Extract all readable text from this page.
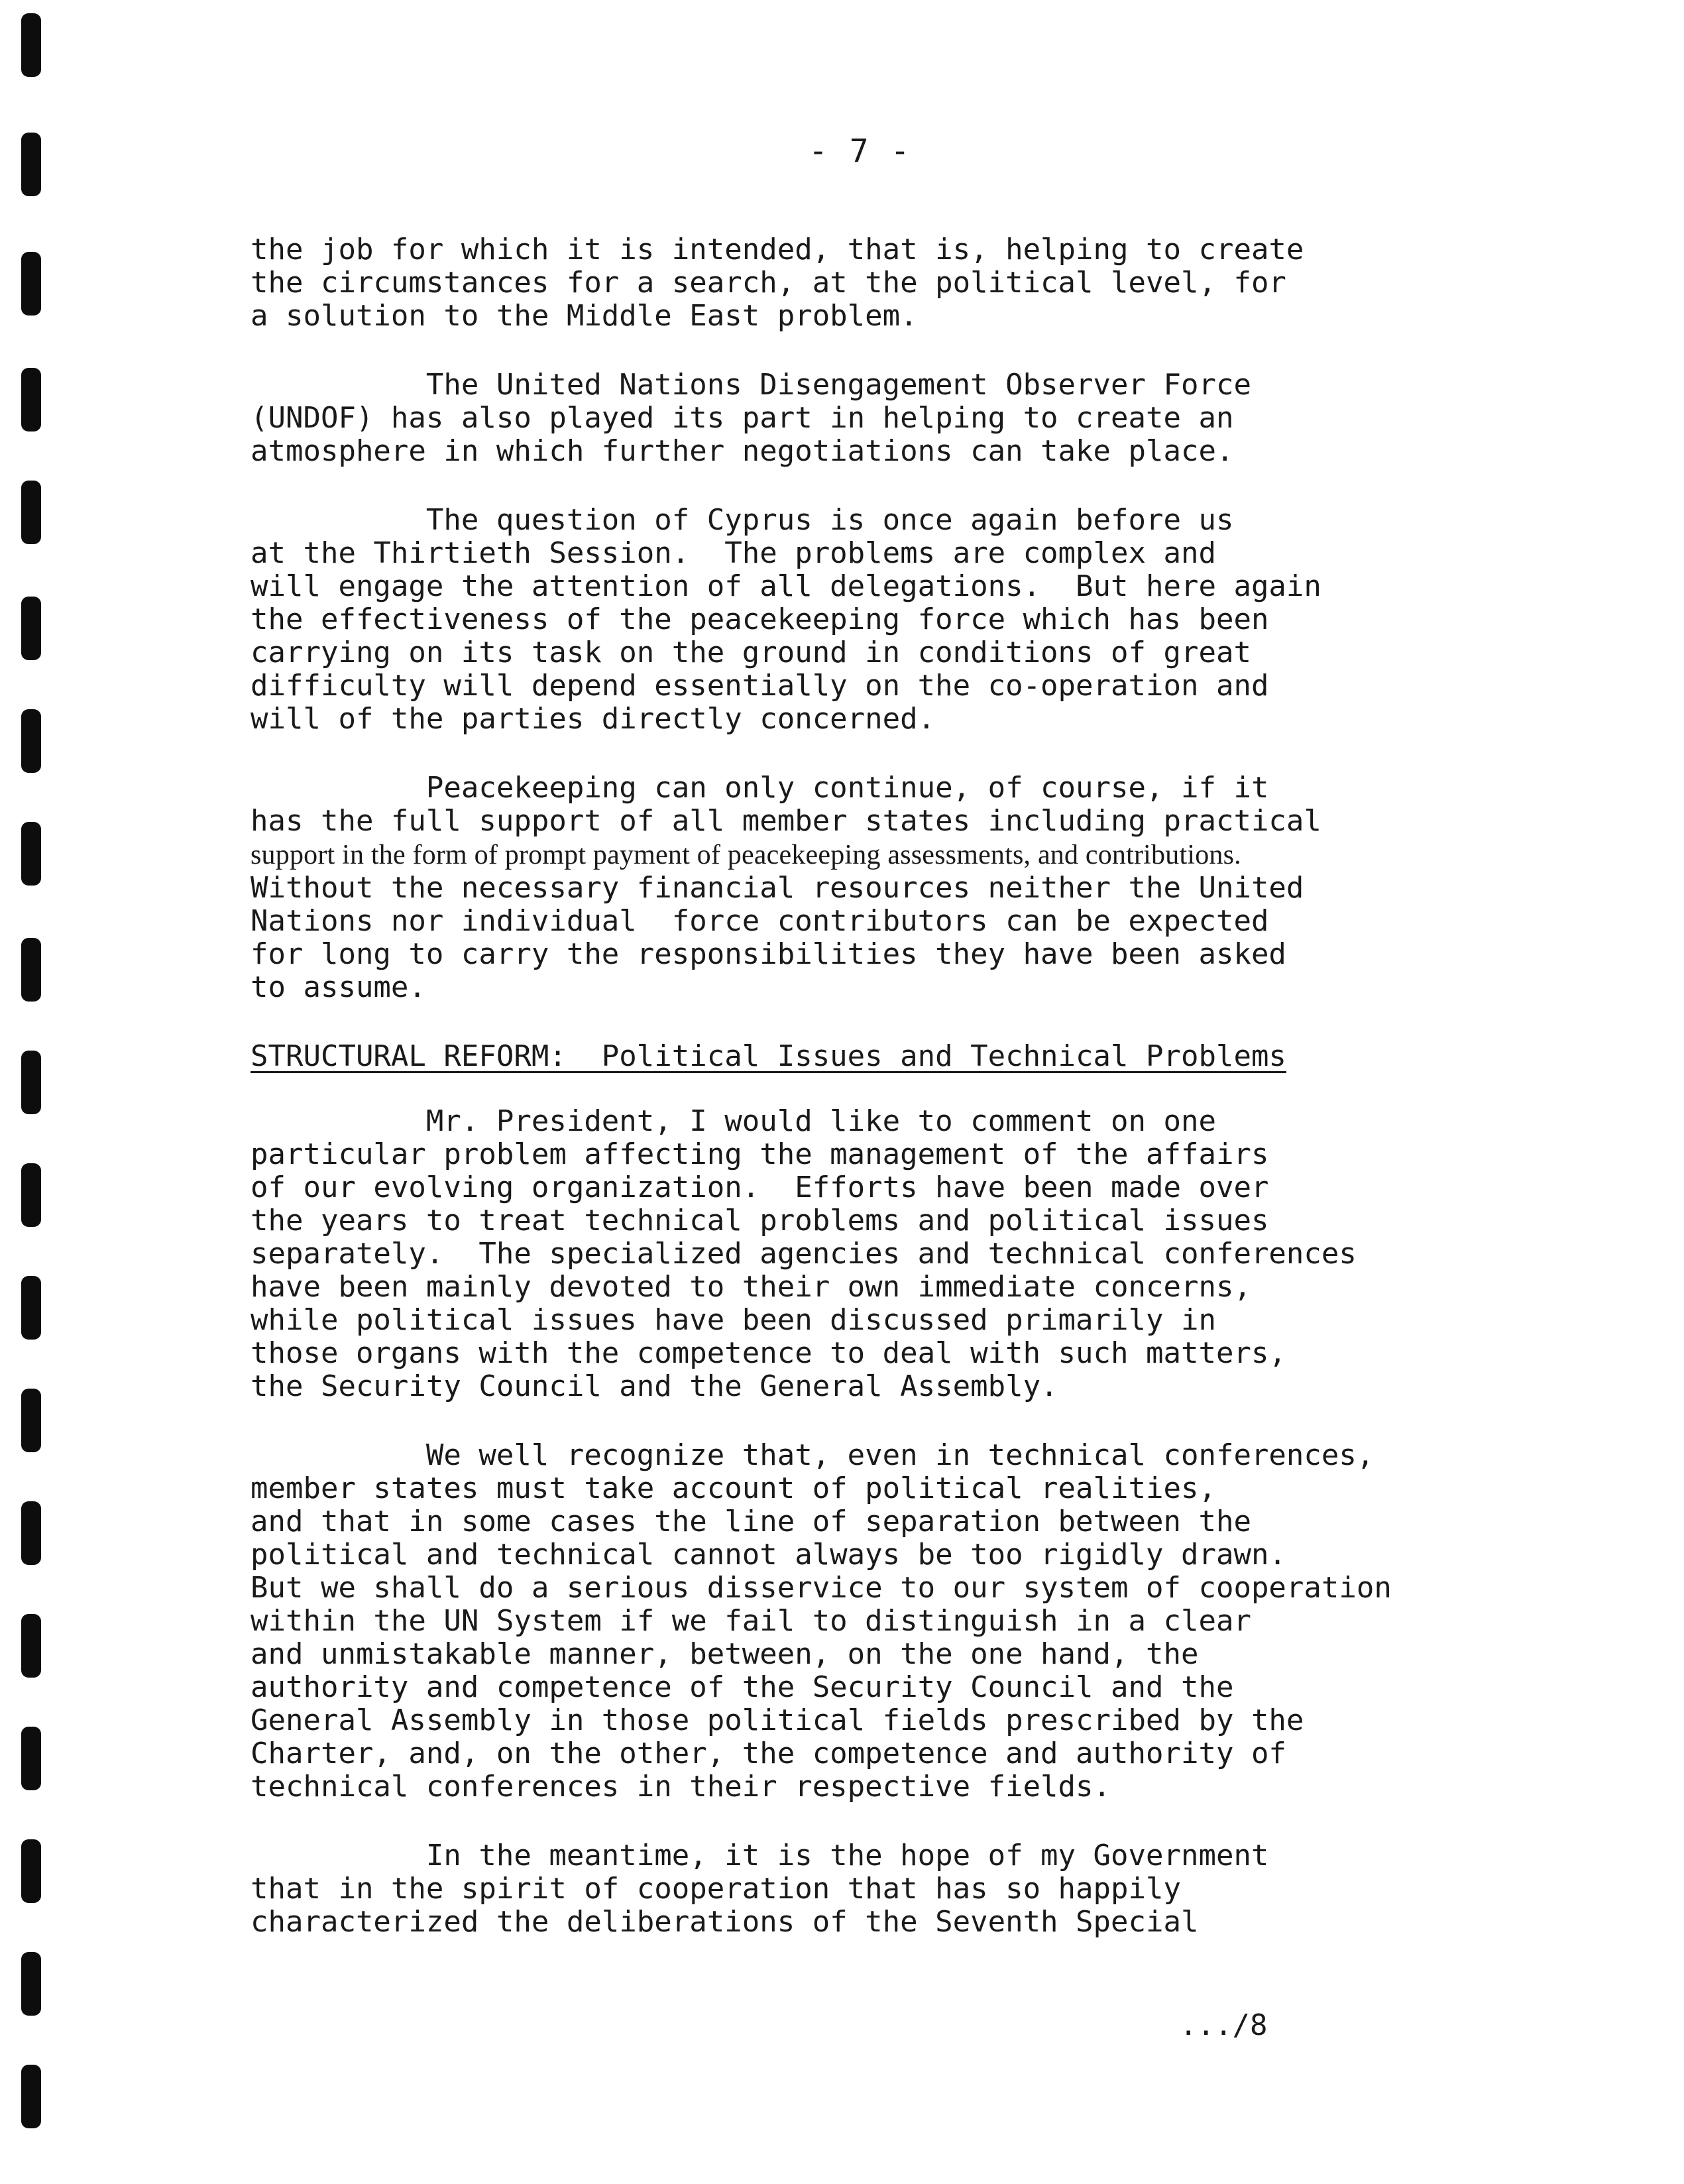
- 7 -
the job for which it is intended, that is, helping to create
the circumstances for a search, at the political level, for
a solution to the Middle East problem.
The United Nations Disengagement Observer Force
(UNDOF) has also played its part in helping to create an
atmosphere in which further negotiations can take place.
The question of Cyprus is once again before us
at the Thirtieth Session.  The problems are complex and
will engage the attention of all delegations.  But here again
the effectiveness of the peacekeeping force which has been
carrying on its task on the ground in conditions of great
difficulty will depend essentially on the co-operation and
will of the parties directly concerned.
Peacekeeping can only continue, of course, if it
has the full support of all member states including practical
support in the form of prompt payment of peacekeeping assessments, and contributions.
Without the necessary financial resources neither the United
Nations nor individual  force contributors can be expected
for long to carry the responsibilities they have been asked
to assume.
STRUCTURAL REFORM:  Political Issues and Technical Problems
Mr. President, I would like to comment on one
particular problem affecting the management of the affairs
of our evolving organization.  Efforts have been made over
the years to treat technical problems and political issues
separately.  The specialized agencies and technical conferences
have been mainly devoted to their own immediate concerns,
while political issues have been discussed primarily in
those organs with the competence to deal with such matters,
the Security Council and the General Assembly.
We well recognize that, even in technical conferences,
member states must take account of political realities,
and that in some cases the line of separation between the
political and technical cannot always be too rigidly drawn.
But we shall do a serious disservice to our system of cooperation
within the UN System if we fail to distinguish in a clear
and unmistakable manner, between, on the one hand, the
authority and competence of the Security Council and the
General Assembly in those political fields prescribed by the
Charter, and, on the other, the competence and authority of
technical conferences in their respective fields.
In the meantime, it is the hope of my Government
that in the spirit of cooperation that has so happily
characterized the deliberations of the Seventh Special
.../8
